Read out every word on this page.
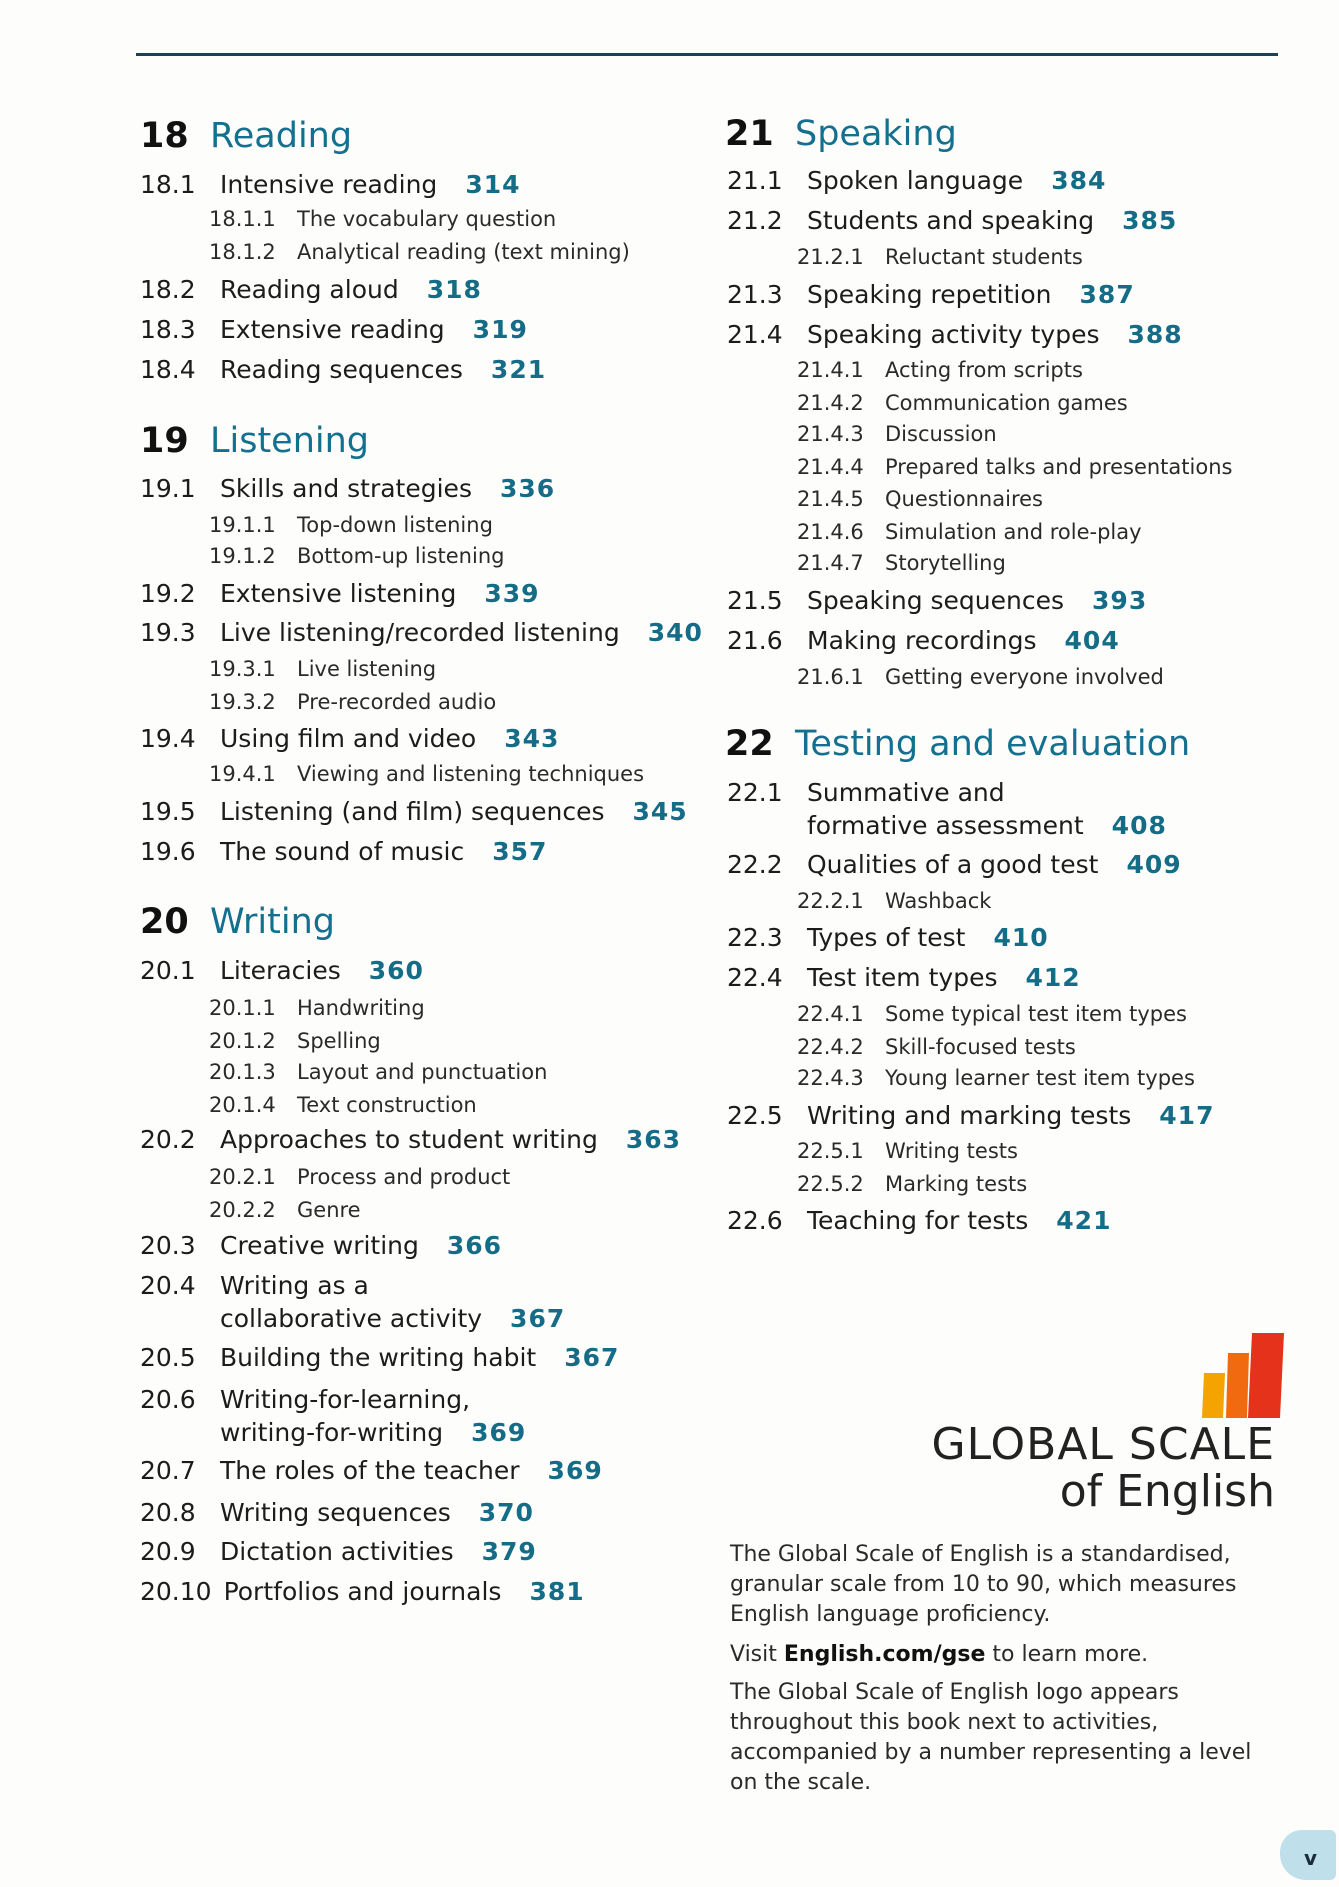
18 Reading
18.1 Intensive reading 314
18.1.1	The vocabulary question
18.1.2	Analytical reading (text mining)
18.2 Reading aloud 318
18.3 Extensive reading 319
18.4 Reading sequences 321
19 Listening
19.1 Skills and strategies 336
19.1.1	Top-down listening
19.1.2	Bottom-up listening
19.2 Extensive listening 339
19.3 Live listening/recorded listening 340
19.3.1	Live listening
19.3.2	Pre-recorded audio
19.4 Using film and video 343
19.4.1	Viewing and listening techniques
19.5 Listening (and film) sequences 345
19.6 The sound of music 357
20 Writing
20.1 Literacies 360
20.1.1	Handwriting
20.1.2	Spelling
20.1.3	Layout and punctuation
20.1.4	Text construction
20.2 Approaches to student writing 363
20.2.1	Process and product
20.2.2	Genre
20.3 Creative writing 366
20.4 Writing as a
collaborative activity 367
20.5 Building the writing habit 367
20.6 Writing-for-learning,
writing-for-writing 369
20.7 The roles of the teacher 369
20.8 Writing sequences 370
20.9 Dictation activities 379
20.10 Portfolios and journals 381
21 Speaking
21.1 Spoken language 384
21.2 Students and speaking 385
21.2.1	Reluctant students
21.3 Speaking repetition 387
21.4 Speaking activity types 388
21.4.1	Acting from scripts
21.4.2	Communication games
21.4.3	Discussion
21.4.4	Prepared talks and presentations
21.4.5	Questionnaires
21.4.6	Simulation and role-play
21.4.7	Storytelling
21.5 Speaking sequences 393
21.6 Making recordings 404
21.6.1	Getting everyone involved
22 Testing and evaluation
22.1 Summative and
formative assessment 408
22.2 Qualities of a good test 409
22.2.1	Washback
22.3 Types of test 410
22.4 Test item types 412
22.4.1	Some typical test item types
22.4.2	Skill-focused tests
22.4.3	Young learner test item types
22.5 Writing and marking tests 417
22.5.1	Writing tests
22.5.2	Marking tests
22.6 Teaching for tests 421
GLOBAL SCALE
of English
The Global Scale of English is a standardised, granular scale from 10 to 90, which measures English language proficiency.
Visit English.com/gse to learn more.
The Global Scale of English logo appears throughout this book next to activities, accompanied by a number representing a level on the scale.
v
